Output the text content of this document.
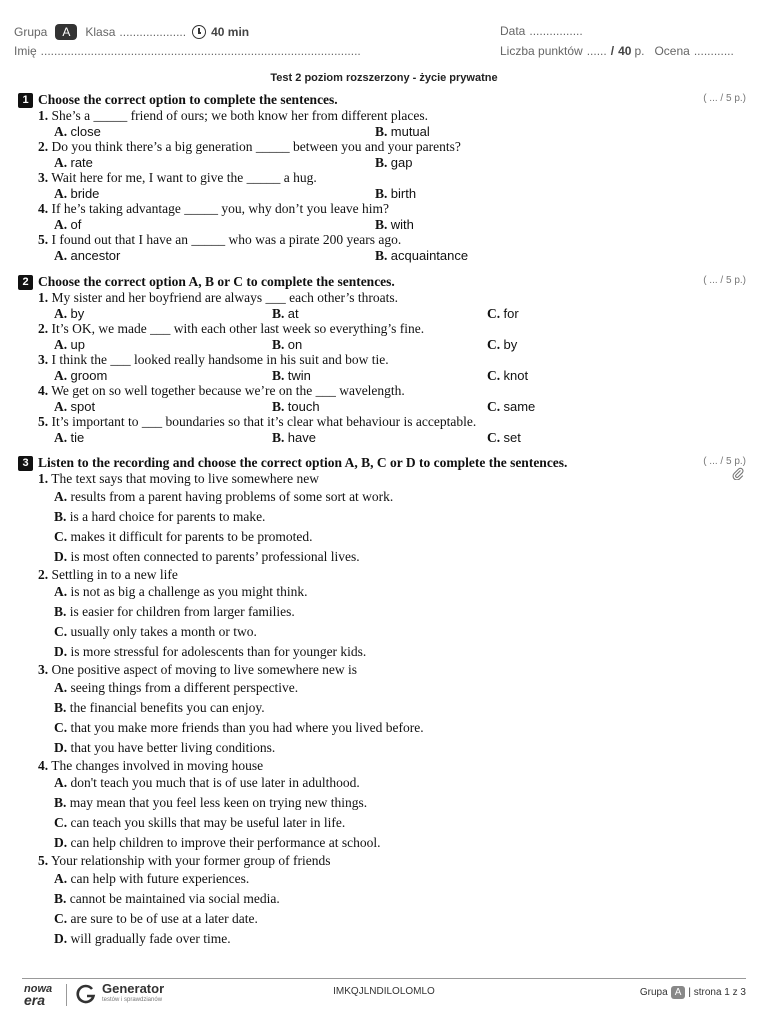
Grupa	A	Klasa .................... 40 min
Imię ................................................................................................
Data ................
Liczba punktów ...... / 40 p. Ocena ............
Test 2 poziom rozszerzony - życie prywatne
1 Choose the correct option to complete the sentences.	( ... / 5 p.)
1. She’s a _____ friend of ours; we both know her from different places.
A. close	B. mutual
2. Do you think there’s a big generation _____ between you and your parents?
A. rate	B. gap
3. Wait here for me, I want to give the _____ a hug.
A. bride	B. birth
4. If he’s taking advantage _____ you, why don’t you leave him?
A. of	B. with
5. I found out that I have an _____ who was a pirate 200 years ago.
A. ancestor	B. acquaintance
2 Choose the correct option A, B or C to complete the sentences.	( ... / 5 p.)
1. My sister and her boyfriend are always ___ each other’s throats.
A. by	B. at	C. for
2. It’s OK, we made ___ with each other last week so everything’s fine.
A. up	B. on	C. by
3. I think the ___ looked really handsome in his suit and bow tie.
A. groom	B. twin	C. knot
4. We get on so well together because we’re on the ___ wavelength.
A. spot	B. touch	C. same
5. It’s important to ___ boundaries so that it’s clear what behaviour is acceptable.
A. tie	B. have	C. set
3 Listen to the recording and choose the correct option A, B, C or D to complete the sentences.	( ... / 5 p.)
1. The text says that moving to live somewhere new
A. results from a parent having problems of some sort at work.
B. is a hard choice for parents to make.
C. makes it difficult for parents to be promoted.
D. is most often connected to parents’ professional lives.
2. Settling in to a new life
A. is not as big a challenge as you might think.
B. is easier for children from larger families.
C. usually only takes a month or two.
D. is more stressful for adolescents than for younger kids.
3. One positive aspect of moving to live somewhere new is
A. seeing things from a different perspective.
B. the financial benefits you can enjoy.
C. that you make more friends than you had where you lived before.
D. that you have better living conditions.
4. The changes involved in moving house
A. don't teach you much that is of use later in adulthood.
B. may mean that you feel less keen on trying new things.
C. can teach you skills that may be useful later in life.
D. can help children to improve their performance at school.
5. Your relationship with your former group of friends
A. can help with future experiences.
B. cannot be maintained via social media.
C. are sure to be of use at a later date.
D. will gradually fade over time.
nowa
era
Generator
testów i sprawdzianów
IMKQJLNDILOLOMLO	Grupa A | strona 1 z 3
